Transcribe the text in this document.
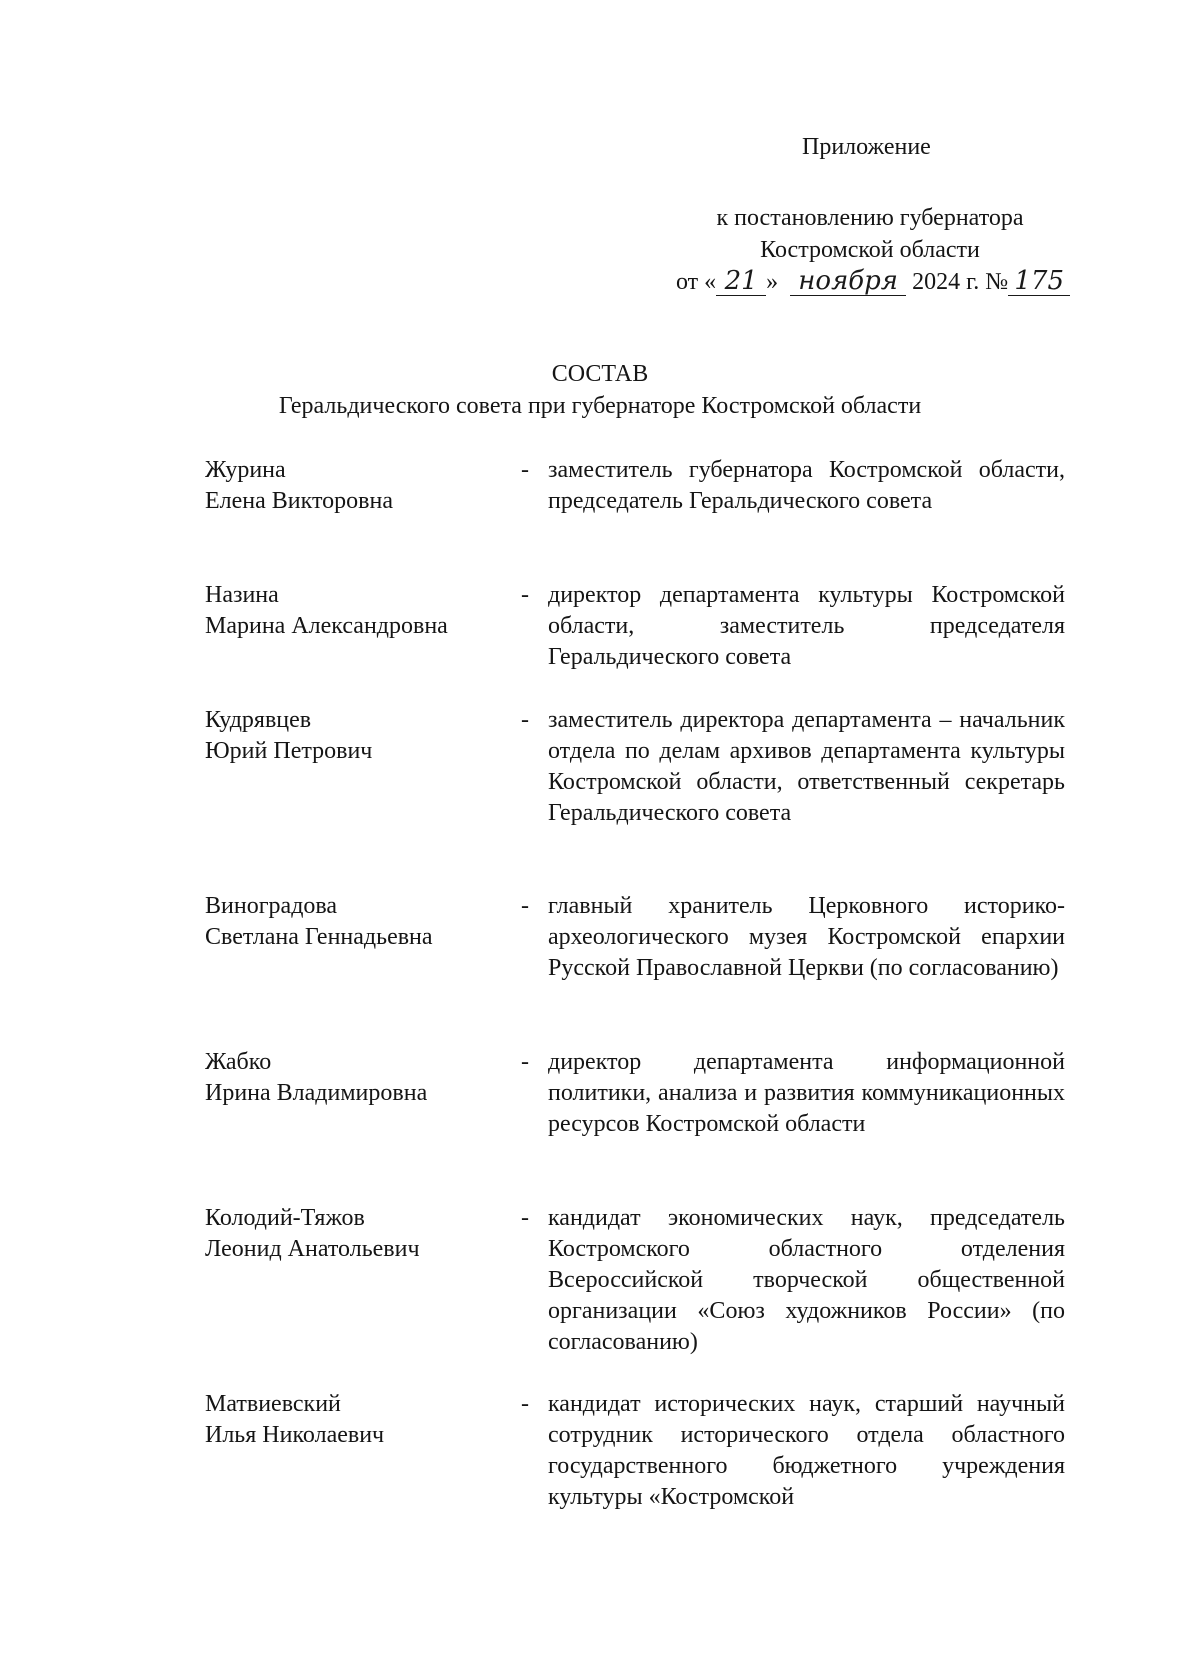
Приложение
к постановлению губернатора
Костромской области
от « 21 » ноября 2024 г. № 175
СОСТАВ
Геральдического совета при губернаторе Костромской области
Журина
Елена Викторовна
- заместитель губернатора Костромской области, председатель Геральдического совета
Назина
Марина Александровна
- директор департамента культуры Костромской области, заместитель председателя Геральдического совета
Кудрявцев
Юрий Петрович
- заместитель директора департамента – начальник отдела по делам архивов департамента культуры Костромской области, ответственный секретарь Геральдического совета
Виноградова
Светлана Геннадьевна
- главный хранитель Церковного историко-археологического музея Костромской епархии Русской Православной Церкви (по согласованию)
Жабко
Ирина Владимировна
- директор департамента информационной политики, анализа и развития коммуникационных ресурсов Костромской области
Колодий-Тяжов
Леонид Анатольевич
- кандидат экономических наук, председатель Костромского областного отделения Всероссийской творческой общественной организации «Союз художников России» (по согласованию)
Матвиевский
Илья Николаевич
- кандидат исторических наук, старший научный сотрудник исторического отдела областного государственного бюджетного учреждения культуры «Костромской
